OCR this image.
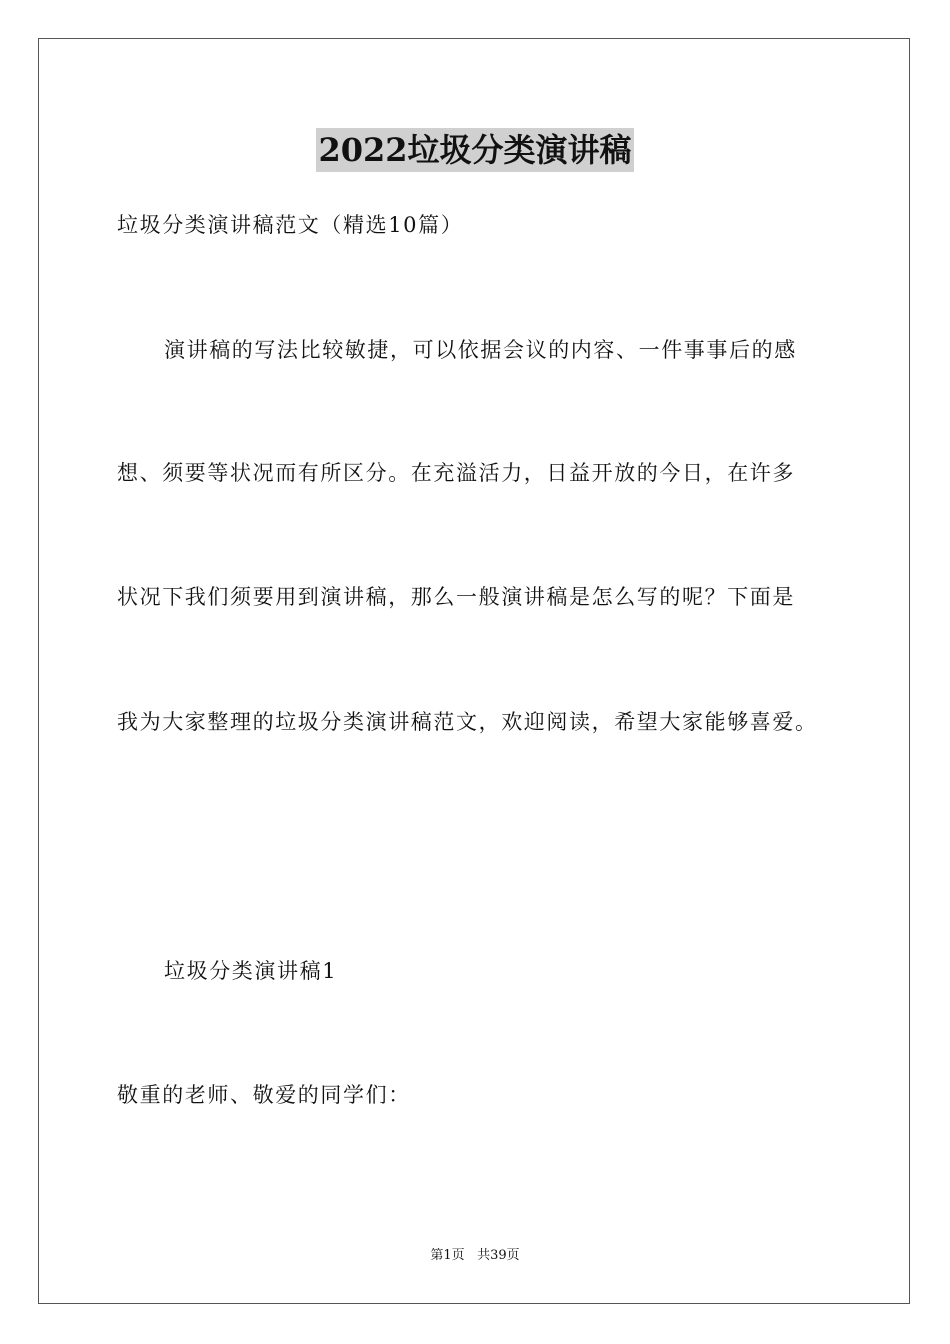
2022垃圾分类演讲稿
垃圾分类演讲稿范文（精选10篇）
演讲稿的写法比较敏捷，可以依据会议的内容、一件事事后的感
想、须要等状况而有所区分。在充溢活力，日益开放的今日，在许多
状况下我们须要用到演讲稿，那么一般演讲稿是怎么写的呢？下面是
我为大家整理的垃圾分类演讲稿范文，欢迎阅读，希望大家能够喜爱。
垃圾分类演讲稿1
敬重的老师、敬爱的同学们：
第1页 共39页
